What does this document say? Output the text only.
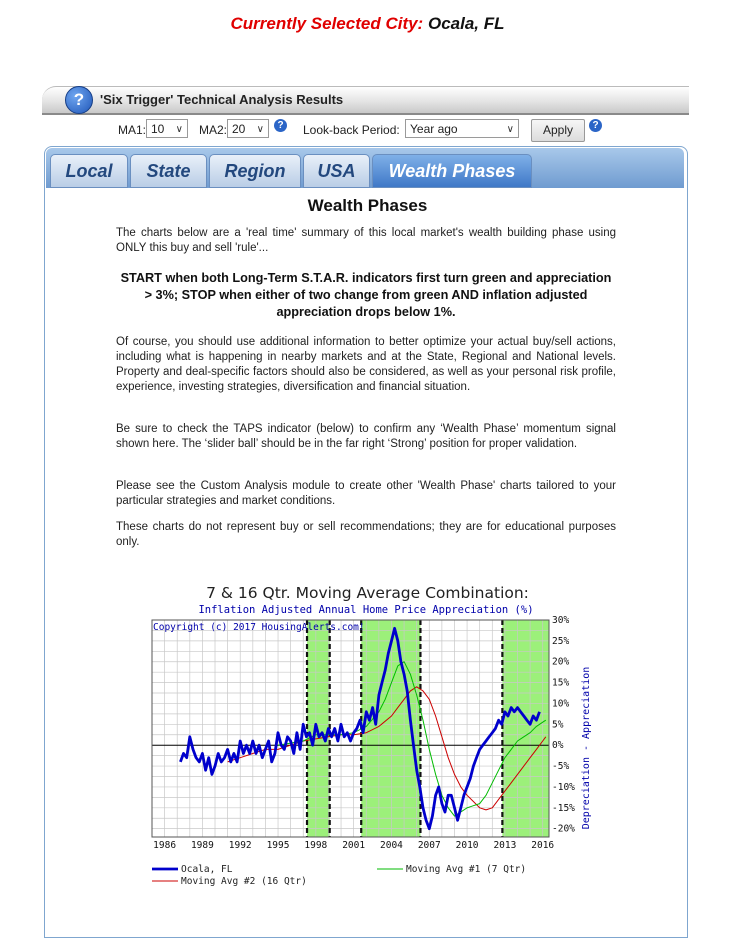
Currently Selected City: Ocala, FL
?	'Six Trigger' Technical Analysis Results
MA1: 10 ∨ MA2: 20 ∨	? Look-back Period: Year ago	∨	Apply	?
Local	State	Region	USA	Wealth Phases
Wealth Phases

The charts below are a 'real time' summary of this local market's wealth building phase using ONLY this buy and sell 'rule'...

START when both Long-Term S.T.A.R. indicators first turn green and appreciation > 3%; STOP when either of two change from green AND inflation adjusted appreciation drops below 1%.

Of course, you should use additional information to better optimize your actual buy/sell actions, including what is happening in nearby markets and at the State, Regional and National levels. Property and deal-specific factors should also be considered, as well as your personal risk profile, experience, investing strategies, diversification and financial situation.

Be sure to check the TAPS indicator (below) to confirm any ‘Wealth Phase’ momentum signal shown here. The ‘slider ball’ should be in the far right ‘Strong’ position for proper validation.

Please see the Custom Analysis module to create other 'Wealth Phase' charts tailored to your particular strategies and market conditions.

These charts do not represent buy or sell recommendations; they are for educational purposes only.

7 & 16 Qtr. Moving Average Combination:
Inflation Adjusted Annual Home Price Appreciation (%)
1986 1989 1992 1995 1998 2001 2004 2007 2010 2013 2016
30%
25%
20%
15%
10%
5%
0%
-5%
-10%
-15%
-20%
Copyright (c) 2017 HousingAlerts.com!
Depreciation - Appreciation
Ocala, FL	Moving Avg #1 (7 Qtr)
Moving Avg #2 (16 Qtr)
